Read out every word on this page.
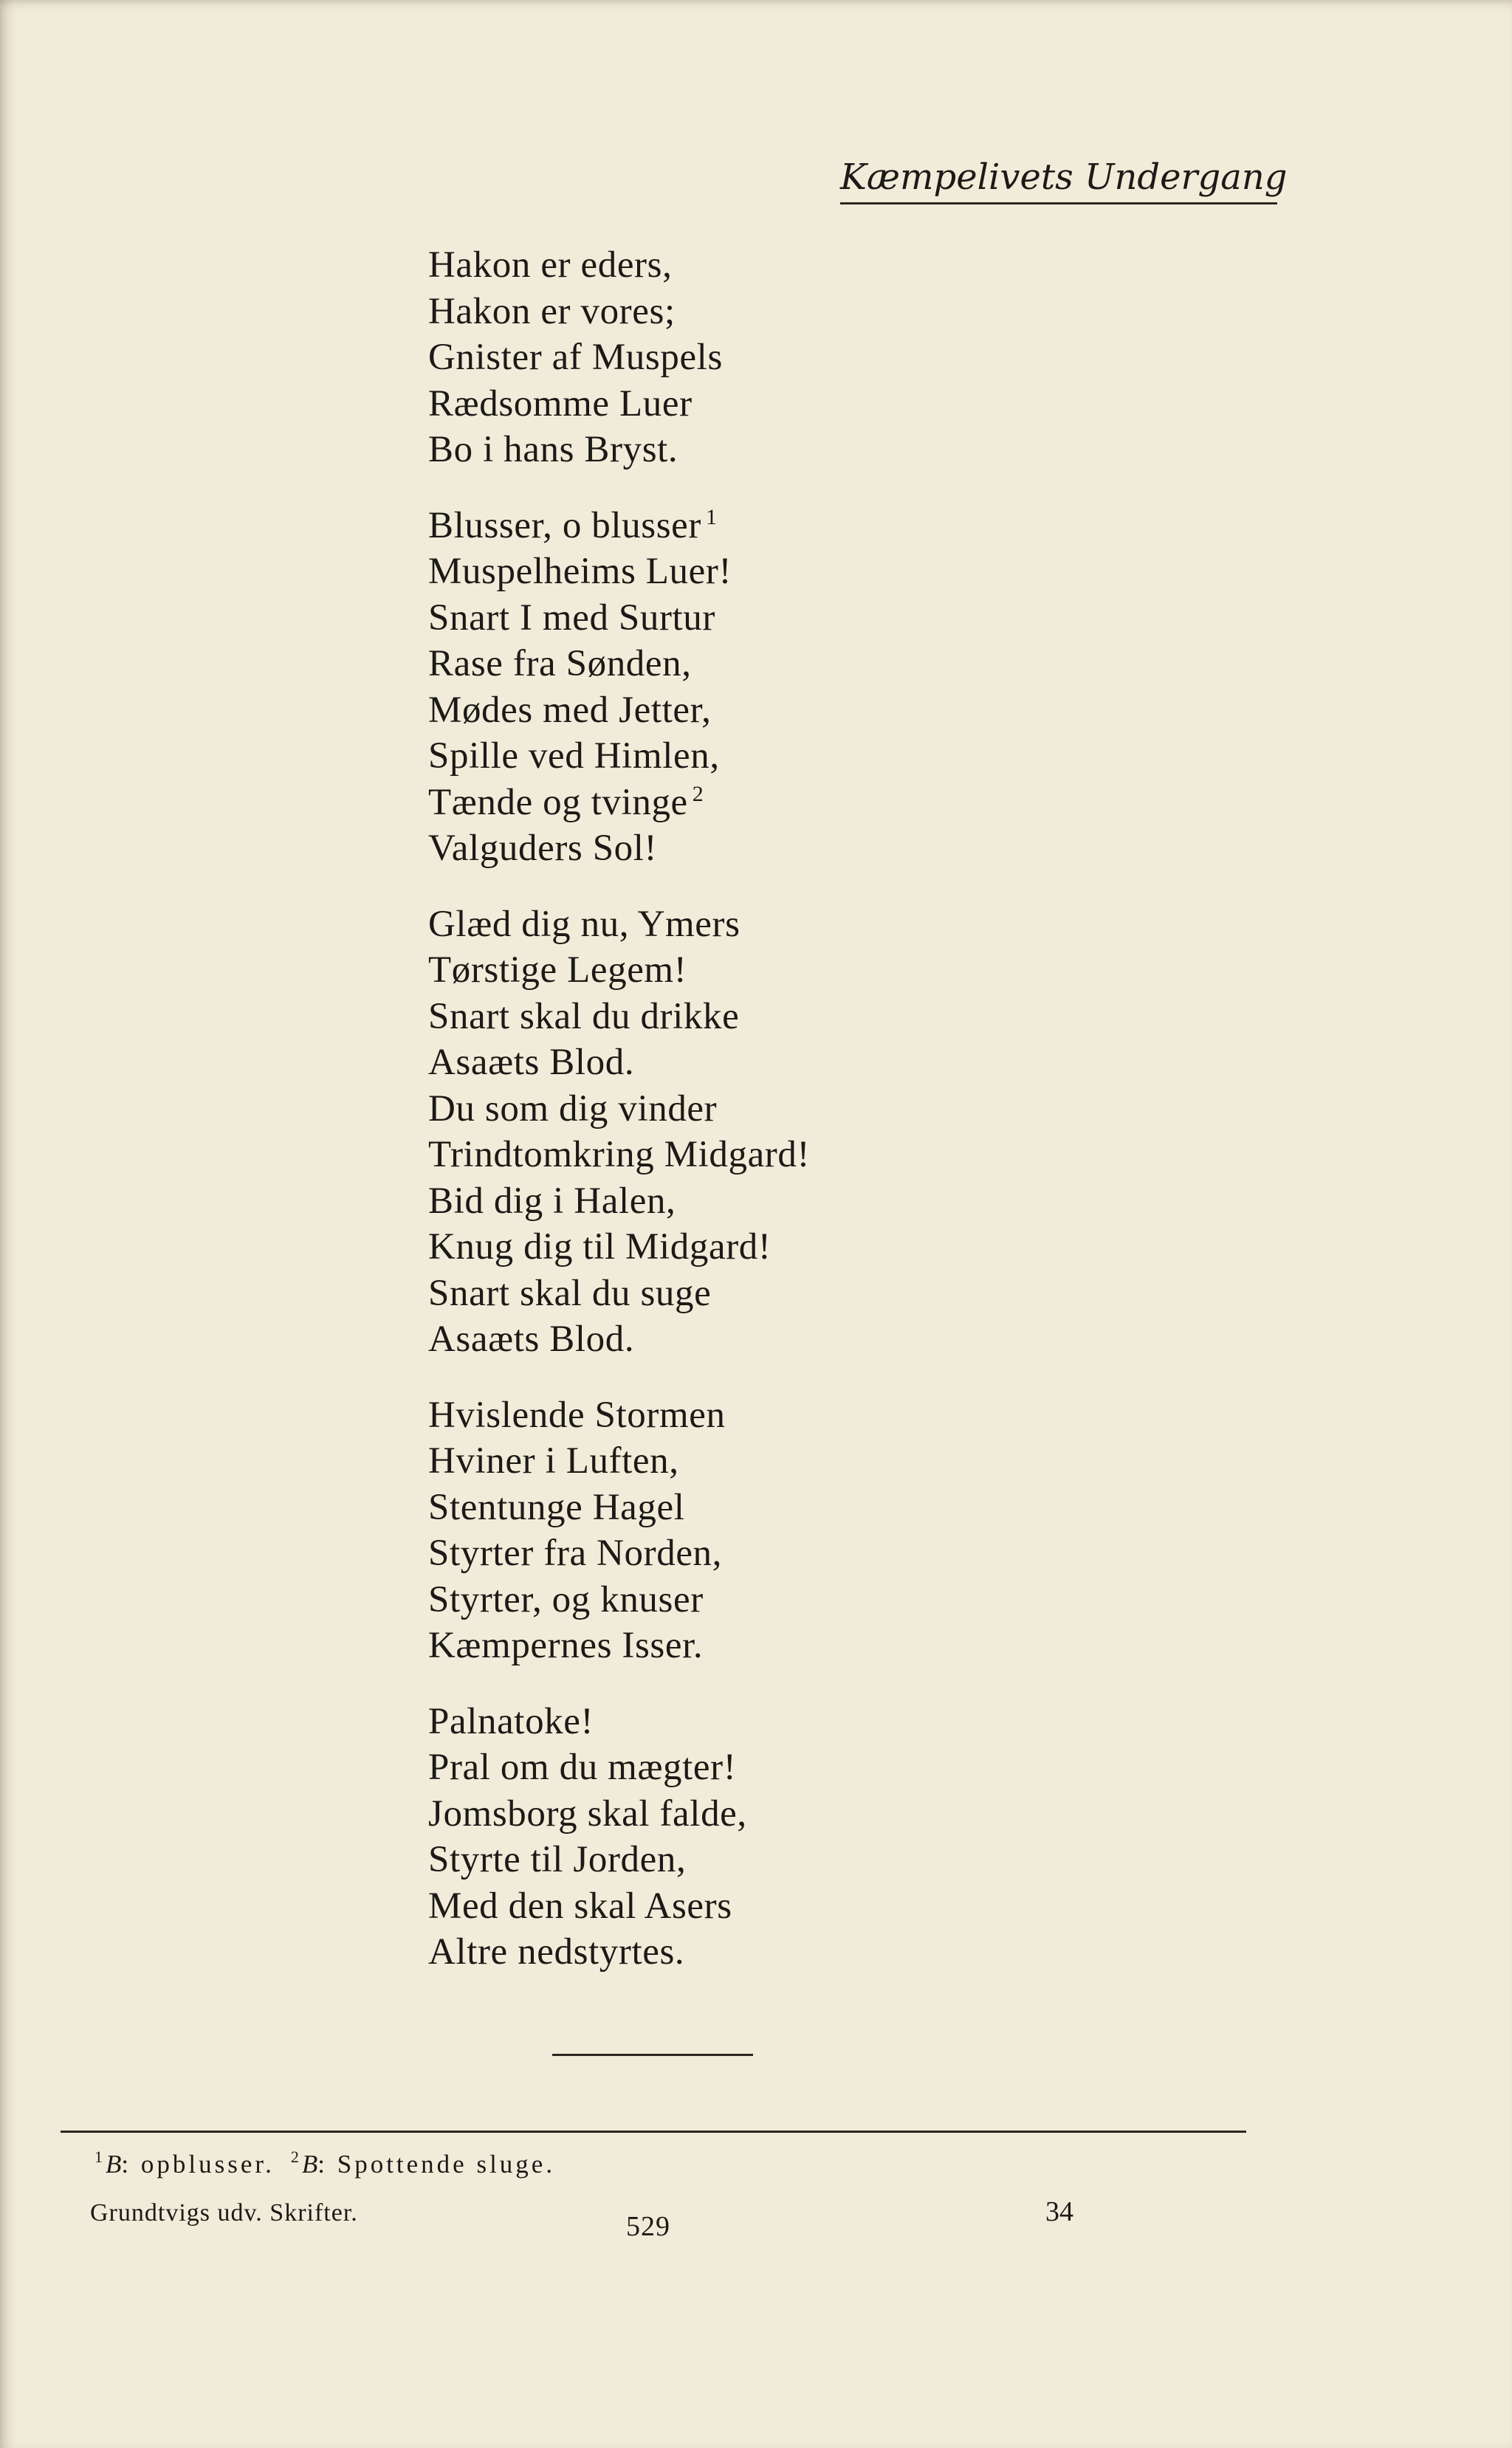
Kæmpelivets Undergang
Hakon er eders,
Hakon er vores;
Gnister af Muspels
Rædsomme Luer
Bo i hans Bryst.
Blusser, o blusser $^1$
Muspelheims Luer!
Snart I med Surtur
Rase fra Sønden,
Mødes med Jetter,
Spille ved Himlen,
Tænde og tvinge $^2$
Valguders Sol!
Glæd dig nu, Ymers
Tørstige Legem!
Snart skal du drikke
Asaæts Blod.
Du som dig vinder
Trindtomkring Midgard!
Bid dig i Halen,
Knug dig til Midgard!
Snart skal du suge
Asaæts Blod.
Hvislende Stormen
Hviner i Luften,
Stentunge Hagel
Styrter fra Norden,
Styrter, og knuser
Kæmpernes Isser.
Palnatoke!
Pral om du mægter!
Jomsborg skal falde,
Styrte til Jorden,
Med den skal Asers
Altre nedstyrtes.
$^1$ B: opblusser. $^2$ B: Spottende sluge.
Grundtvigs udv. Skrifter.	529	34
